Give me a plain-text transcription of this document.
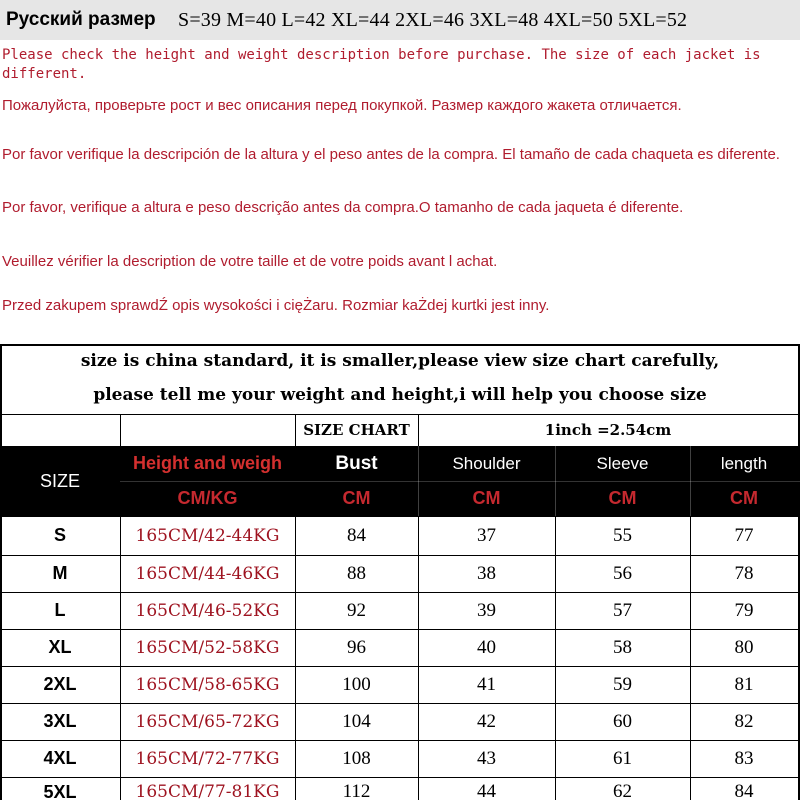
Русский размер S=39 M=40 L=42 XL=44 2XL=46 3XL=48 4XL=50 5XL=52
Please check the height and weight description before purchase. The size of each jacket is different.
Пожалуйста, проверьте рост и вес описания перед покупкой. Размер каждого жакета отличается.
Por favor verifique la descripción de la altura y el peso antes de la compra. El tamaño de cada chaqueta es diferente.
Por favor, verifique a altura e peso descrição antes da compra.O tamanho de cada jaqueta é diferente.
Veuillez vérifier la description de votre taille et de votre poids avant l achat.
Przed zakupem sprawdŹ opis wysokości i cięŻaru. Rozmiar kaŻdej kurtki jest inny.
size is china standard, it is smaller,please view size chart carefully,
please tell me your weight and height,i will help you choose size
SIZE CHART	1inch =2.54cm
SIZE
Height and weigh	Bust	Shoulder	Sleeve	length
CM/KG	CM	CM	CM	CM
S	165CM/42-44KG	84	37	55	77
M	165CM/44-46KG	88	38	56	78
L	165CM/46-52KG	92	39	57	79
XL	165CM/52-58KG	96	40	58	80
2XL	165CM/58-65KG	100	41	59	81
3XL	165CM/65-72KG	104	42	60	82
4XL	165CM/72-77KG	108	43	61	83
5XL	165CM/77-81KG	112	44	62	84
